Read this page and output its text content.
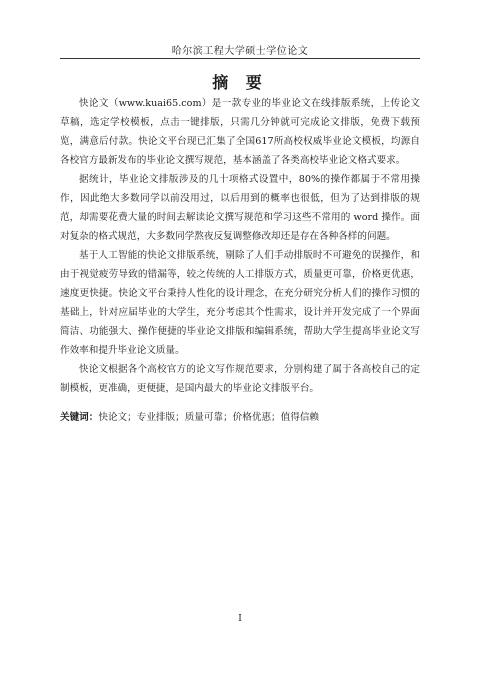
哈尔滨工程大学硕士学位论文
摘 要

快论文（www.kuai65.com）是一款专业的毕业论文在线排版系统，上传论文草稿，选定学校模板，点击一键排版，只需几分钟就可完成论文排版，免费下载预览，满意后付款。快论文平台现已汇集了全国617所高校权威毕业论文模板，均源自各校官方最新发布的毕业论文撰写规范，基本涵盖了各类高校毕业论文格式要求。

据统计，毕业论文排版涉及的几十项格式设置中，80%的操作都属于不常用操作，因此绝大多数同学以前没用过，以后用到的概率也很低，但为了达到排版的规范，却需要花费大量的时间去解读论文撰写规范和学习这些不常用的 word 操作。面对复杂的格式规范，大多数同学熬夜反复调整修改却还是存在各种各样的问题。

基于人工智能的快论文排版系统，剔除了人们手动排版时不可避免的误操作，和由于视觉疲劳导致的错漏等，较之传统的人工排版方式，质量更可靠，价格更优惠，速度更快捷。快论文平台秉持人性化的设计理念，在充分研究分析人们的操作习惯的基础上，针对应届毕业的大学生，充分考虑其个性需求，设计并开发完成了一个界面简洁、功能强大、操作便捷的毕业论文排版和编辑系统，帮助大学生提高毕业论文写作效率和提升毕业论文质量。

快论文根据各个高校官方的论文写作规范要求，分别构建了属于各高校自己的定制模板，更准确，更便捷，是国内最大的毕业论文排版平台。

关键词：快论文；专业排版；质量可靠；价格优惠；值得信赖

I
